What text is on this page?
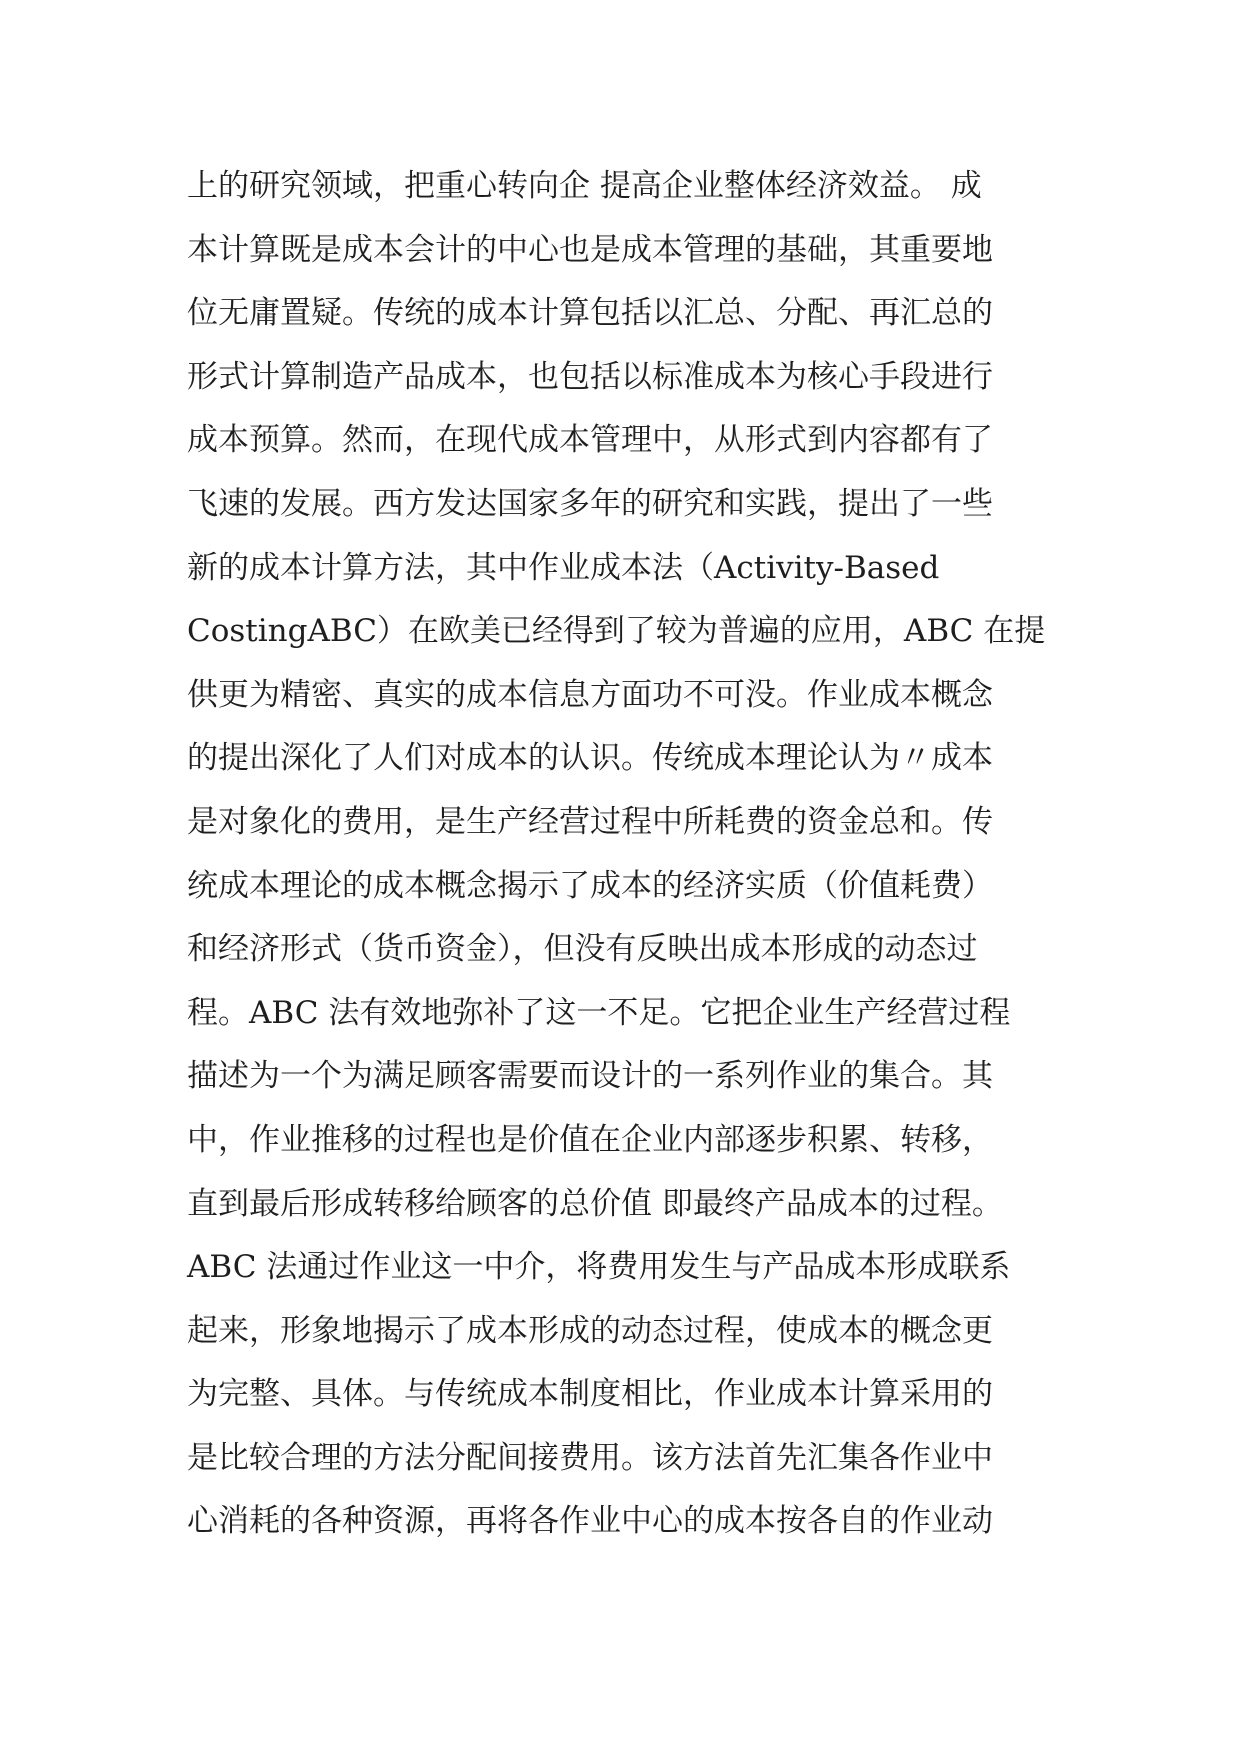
上的研究领域，把重心转向企 提高企业整体经济效益。 成
本计算既是成本会计的中心也是成本管理的基础，其重要地
位无庸置疑。传统的成本计算包括以汇总、分配、再汇总的
形式计算制造产品成本，也包括以标准成本为核心手段进行
成本预算。然而，在现代成本管理中，从形式到内容都有了
飞速的发展。西方发达国家多年的研究和实践，提出了一些
新的成本计算方法，其中作业成本法（Activity-Based
CostingABC）在欧美已经得到了较为普遍的应用，ABC 在提
供更为精密、真实的成本信息方面功不可没。作业成本概念
的提出深化了人们对成本的认识。传统成本理论认为〃成本
是对象化的费用，是生产经营过程中所耗费的资金总和。传
统成本理论的成本概念揭示了成本的经济实质（价值耗费）
和经济形式（货币资金），但没有反映出成本形成的动态过
程。ABC 法有效地弥补了这一不足。它把企业生产经营过程
描述为一个为满足顾客需要而设计的一系列作业的集合。其
中，作业推移的过程也是价值在企业内部逐步积累、转移，
直到最后形成转移给顾客的总价值 即最终产品成本的过程。
ABC 法通过作业这一中介，将费用发生与产品成本形成联系
起来，形象地揭示了成本形成的动态过程，使成本的概念更
为完整、具体。与传统成本制度相比，作业成本计算采用的
是比较合理的方法分配间接费用。该方法首先汇集各作业中
心消耗的各种资源，再将各作业中心的成本按各自的作业动
